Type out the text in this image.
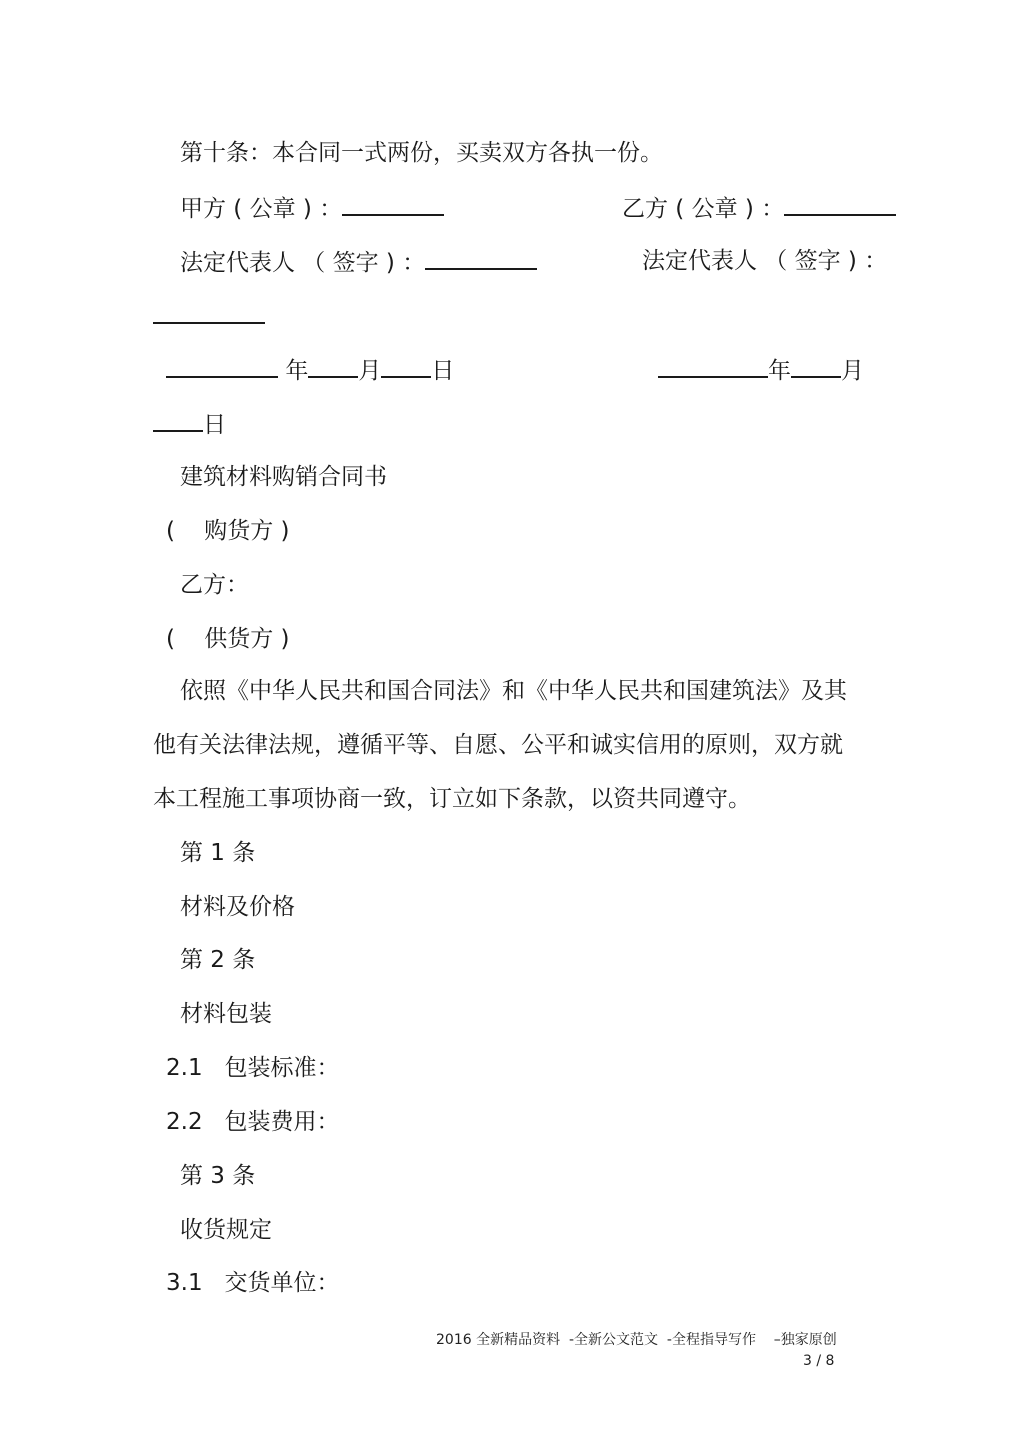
第十条：本合同一式两份，买卖双方各执一份。
甲方 ( 公章 ) ：	乙方 ( 公章 ) ：
法定代表人 （ 签字 ) ：	法定代表人 （ 签字 ) ：
年 月 日	年 月
日
建筑材料购销合同书
(    购货方 )
乙方：
(    供货方 )
依照《中华人民共和国合同法》和《中华人民共和国建筑法》及其
他有关法律法规，遵循平等、自愿、公平和诚实信用的原则，双方就
本工程施工事项协商一致，订立如下条款，以资共同遵守。
第 1 条
材料及价格
第 2 条
材料包装
2.1 包装标准：
2.2 包装费用：
第 3 条
收货规定
3.1 交货单位：
2016 全新精品资料  -全新公文范文  -全程指导写作    –独家原创
3 / 8
